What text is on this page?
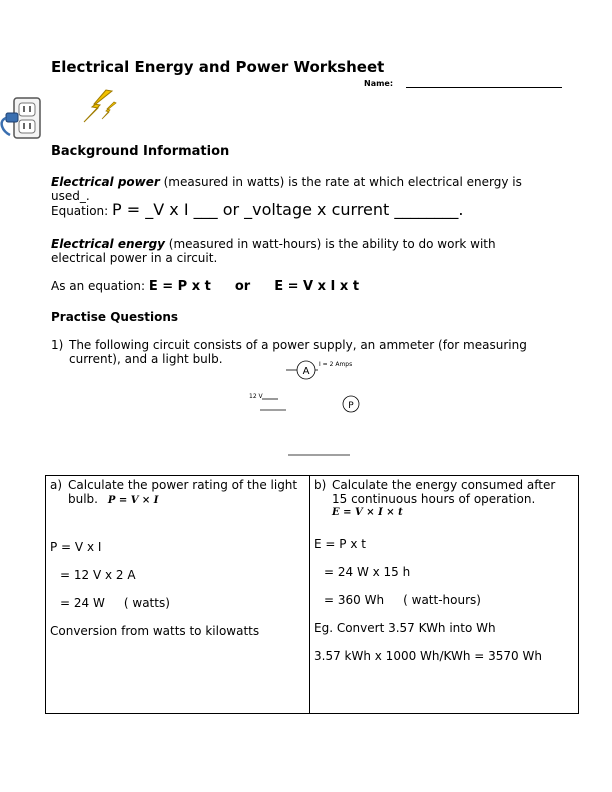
Electrical Energy and Power Worksheet
Name:
Background Information
Electrical power (measured in watts) is the rate at which electrical energy is used_.
Equation: P = _V x I ___ or _voltage x current ________.
Electrical energy (measured in watt-hours) is the ability to do work with electrical power in a circuit.
As an equation: E = P x t or E = V x I x t
Practise Questions
1) The following circuit consists of a power supply, an ammeter (for measuring current), and a light bulb.
A
I = 2 Amps
12 V
P
a) Calculate the power rating of the light bulb. P = V × I

P = V x I

= 12 V x 2 A

= 24 W     ( watts)

Conversion from watts to kilowatts

b) Calculate the energy consumed after 15 continuous hours of operation.
E = V × I × t

E = P x t

= 24 W x 15 h

= 360 Wh     ( watt-hours)

Eg. Convert 3.57 KWh into Wh

3.57 kWh x 1000 Wh/KWh = 3570 Wh
